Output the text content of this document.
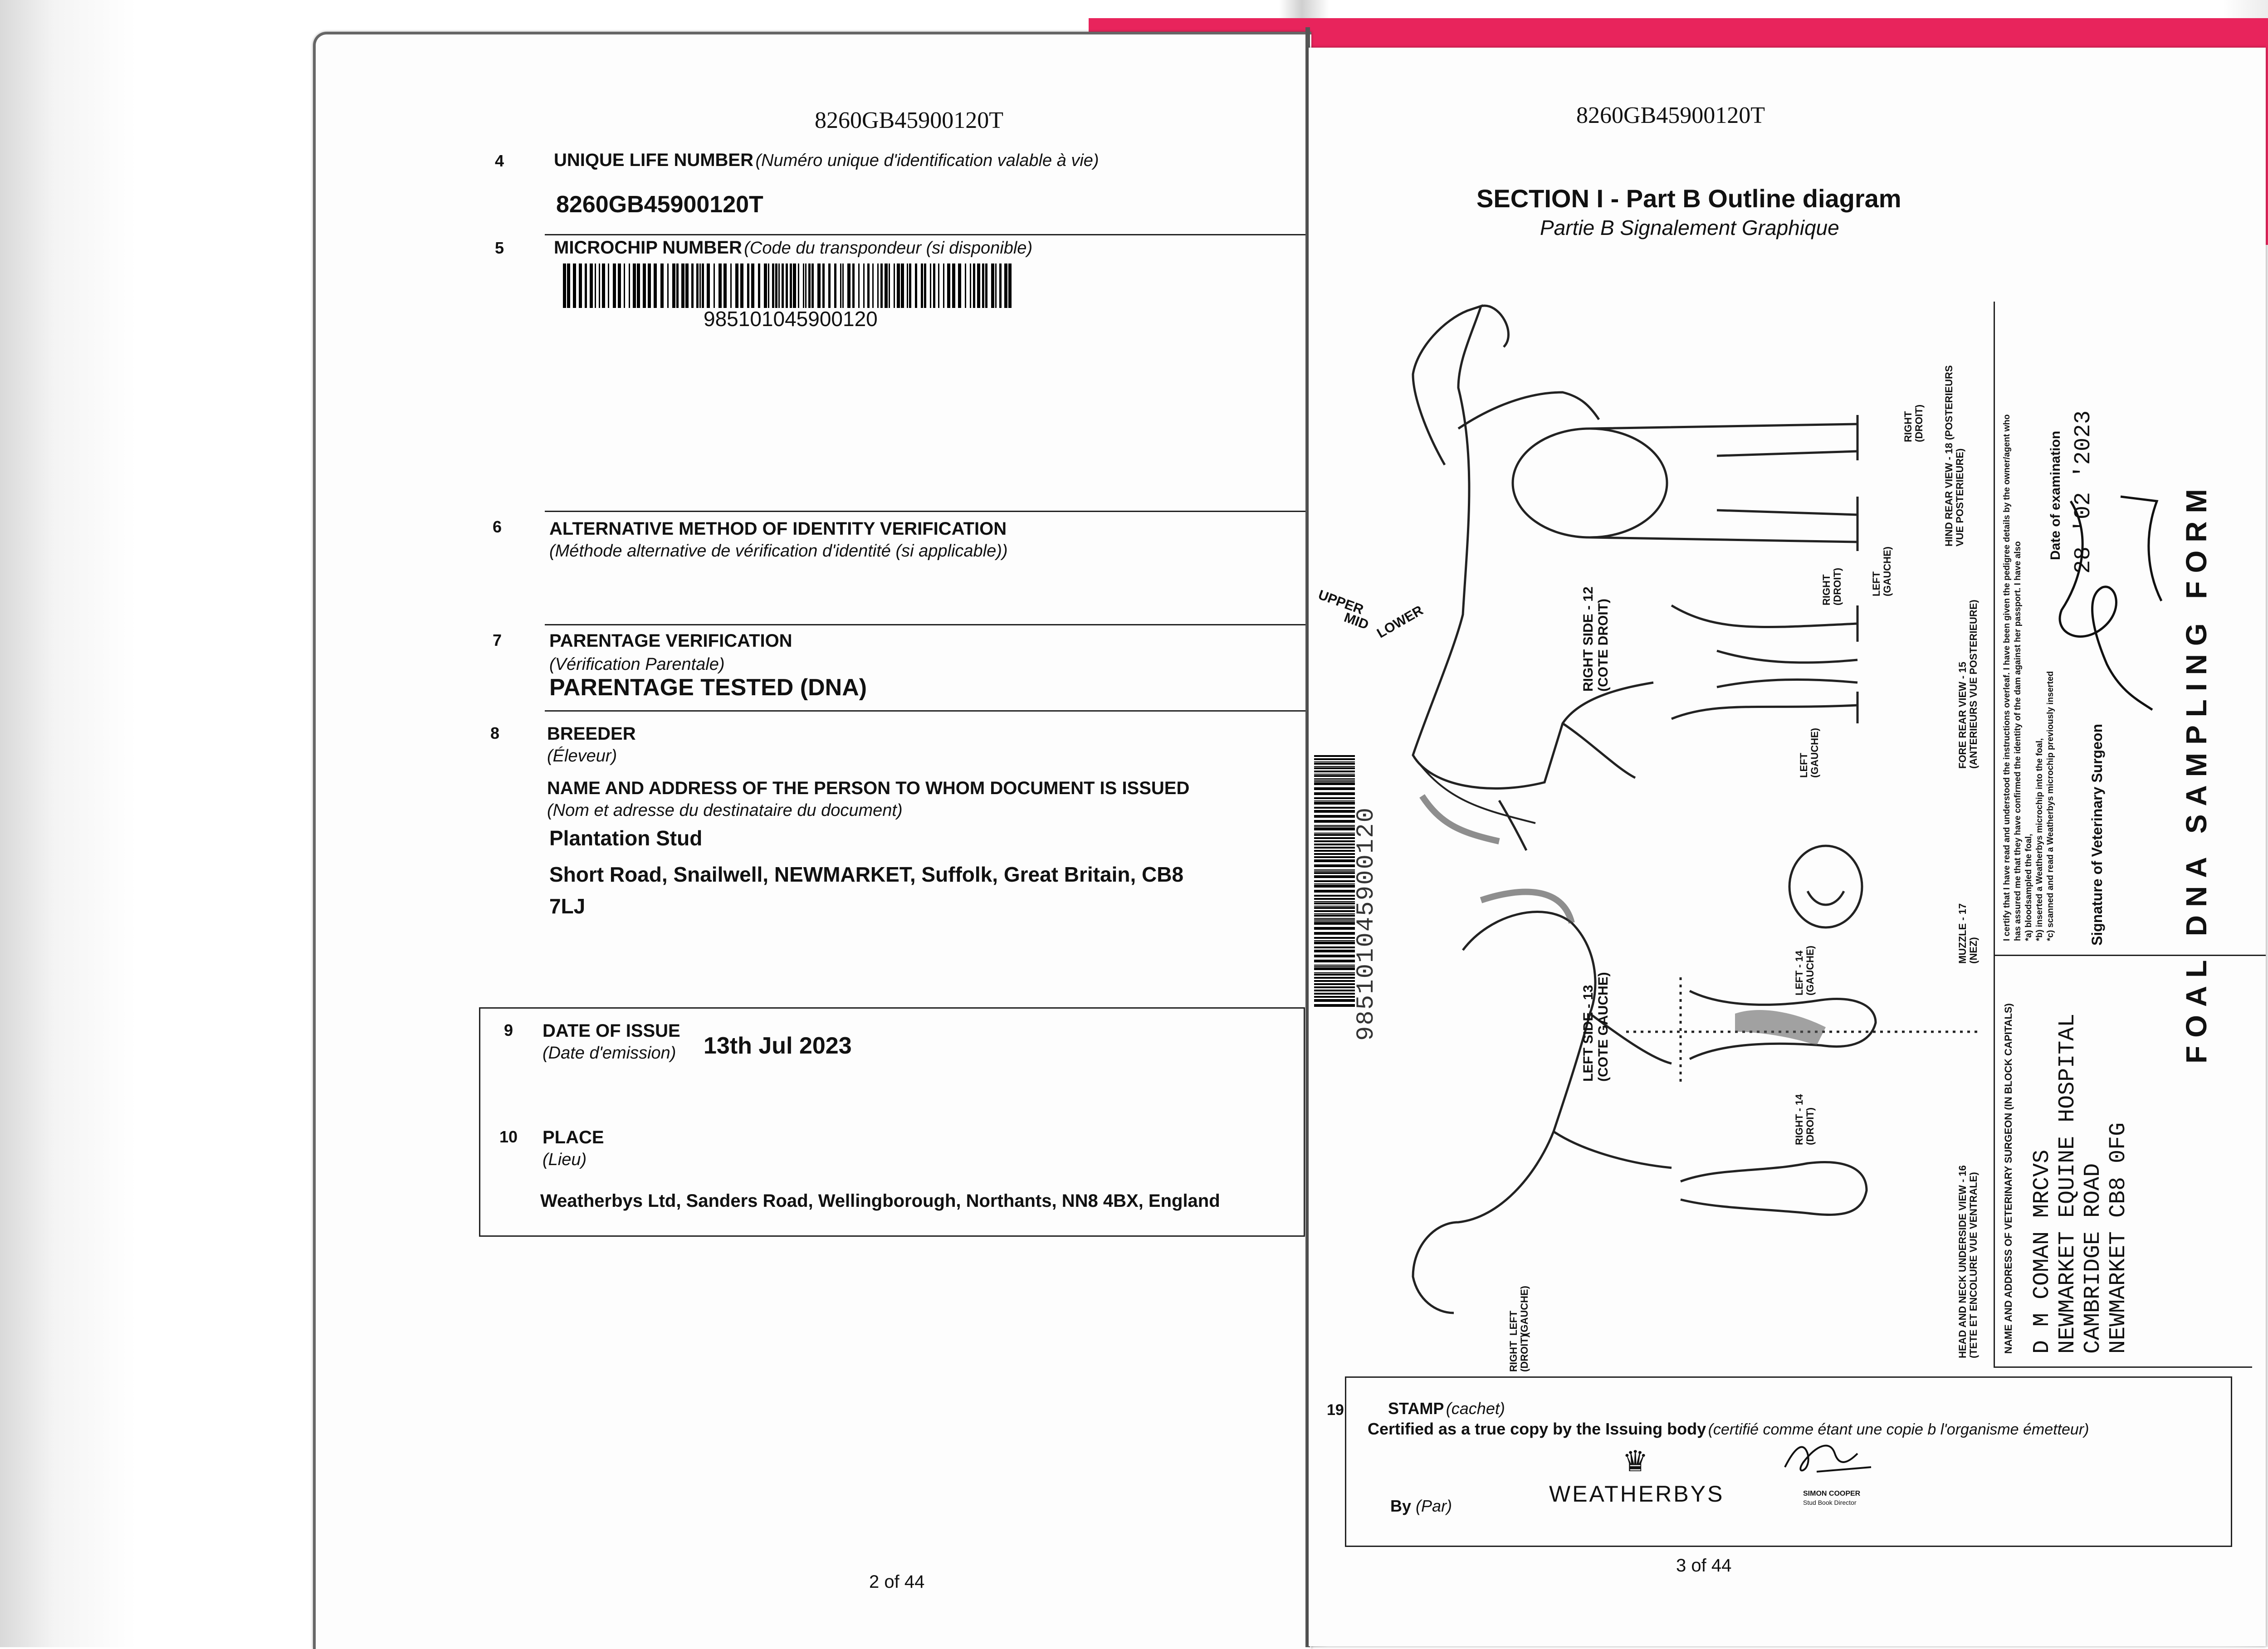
8260GB45900120T
4	UNIQUE LIFE NUMBER (Numéro unique d'identification valable à vie)
8260GB45900120T
5	MICROCHIP NUMBER (Code du transpondeur (si disponible)
985101045900120
6	ALTERNATIVE METHOD OF IDENTITY VERIFICATION
(Méthode alternative de vérification d'identité (si applicable))
7	PARENTAGE VERIFICATION
(Vérification Parentale)
PARENTAGE TESTED (DNA)
8	BREEDER
(Éleveur)
NAME AND ADDRESS OF THE PERSON TO WHOM DOCUMENT IS ISSUED
(Nom et adresse du destinataire du document)
Plantation Stud
Short Road, Snailwell, NEWMARKET, Suffolk, Great Britain, CB8
7LJ
9 DATE OF ISSUE
(Date d'emission) 13th Jul 2023
10 PLACE
(Lieu)
Weatherbys Ltd, Sanders Road, Wellingborough, Northants, NN8 4BX, England
2 of 44
8260GB45900120T
SECTION I - Part B Outline diagram
Partie B Signalement Graphique
UPPER
MID LOWER	RIGHT SIDE - 12
(COTE DROIT)
LEFT SIDE - 13
(COTE GAUCHE)	LEFT - 14
(GAUCHE)
RIGHT - 14
(DROIT)
RIGHT
(DROIT)
LEFT
(GAUCHE)
LEFT
(GAUCHE)
RIGHT
(DROIT)
RIGHT
(DROIT)
LEFT
(GAUCHE)
HEAD AND NECK UNDERSIDE VIEW - 16
(TETE ET ENCOLURE VUE VENTRALE)
MUZZLE - 17
(NEZ)
FORE REAR VIEW - 15
(ANTERIEURS VUE POSTERIEURE)
HIND REAR VIEW - 18 (POSTERIEURS
VUE POSTERIEURE)
985101045900120
NAME AND ADDRESS OF VETERINARY SURGEON (IN BLOCK CAPITALS) D M COMAN MRCVS NEWMARKET EQUINE HOSPITAL CAMBRIDGE ROAD NEWMARKET CB8 0FG
I certify that I have read and understood the instructions overleaf. I have been given the pedigree details by the owner/agent who has assured me that they have confirmed the identity of the dam against her passport. I have also *a) bloodsampled the foal, *b) inserted a Weatherbys microchip into the foal, *c) scanned and read a Weatherbys microchip previously inserted Signature of Veterinary Surgeon
Date of examination 28 '02 '2023	FOAL DNA SAMPLING FORM
19	STAMP (cachet)
Certified as a true copy by the Issuing body (certifié comme étant une copie b l'organisme émetteur)
By (Par)
♛
WEATHERBYS	SIMON COOPER
Stud Book Director
3 of 44
